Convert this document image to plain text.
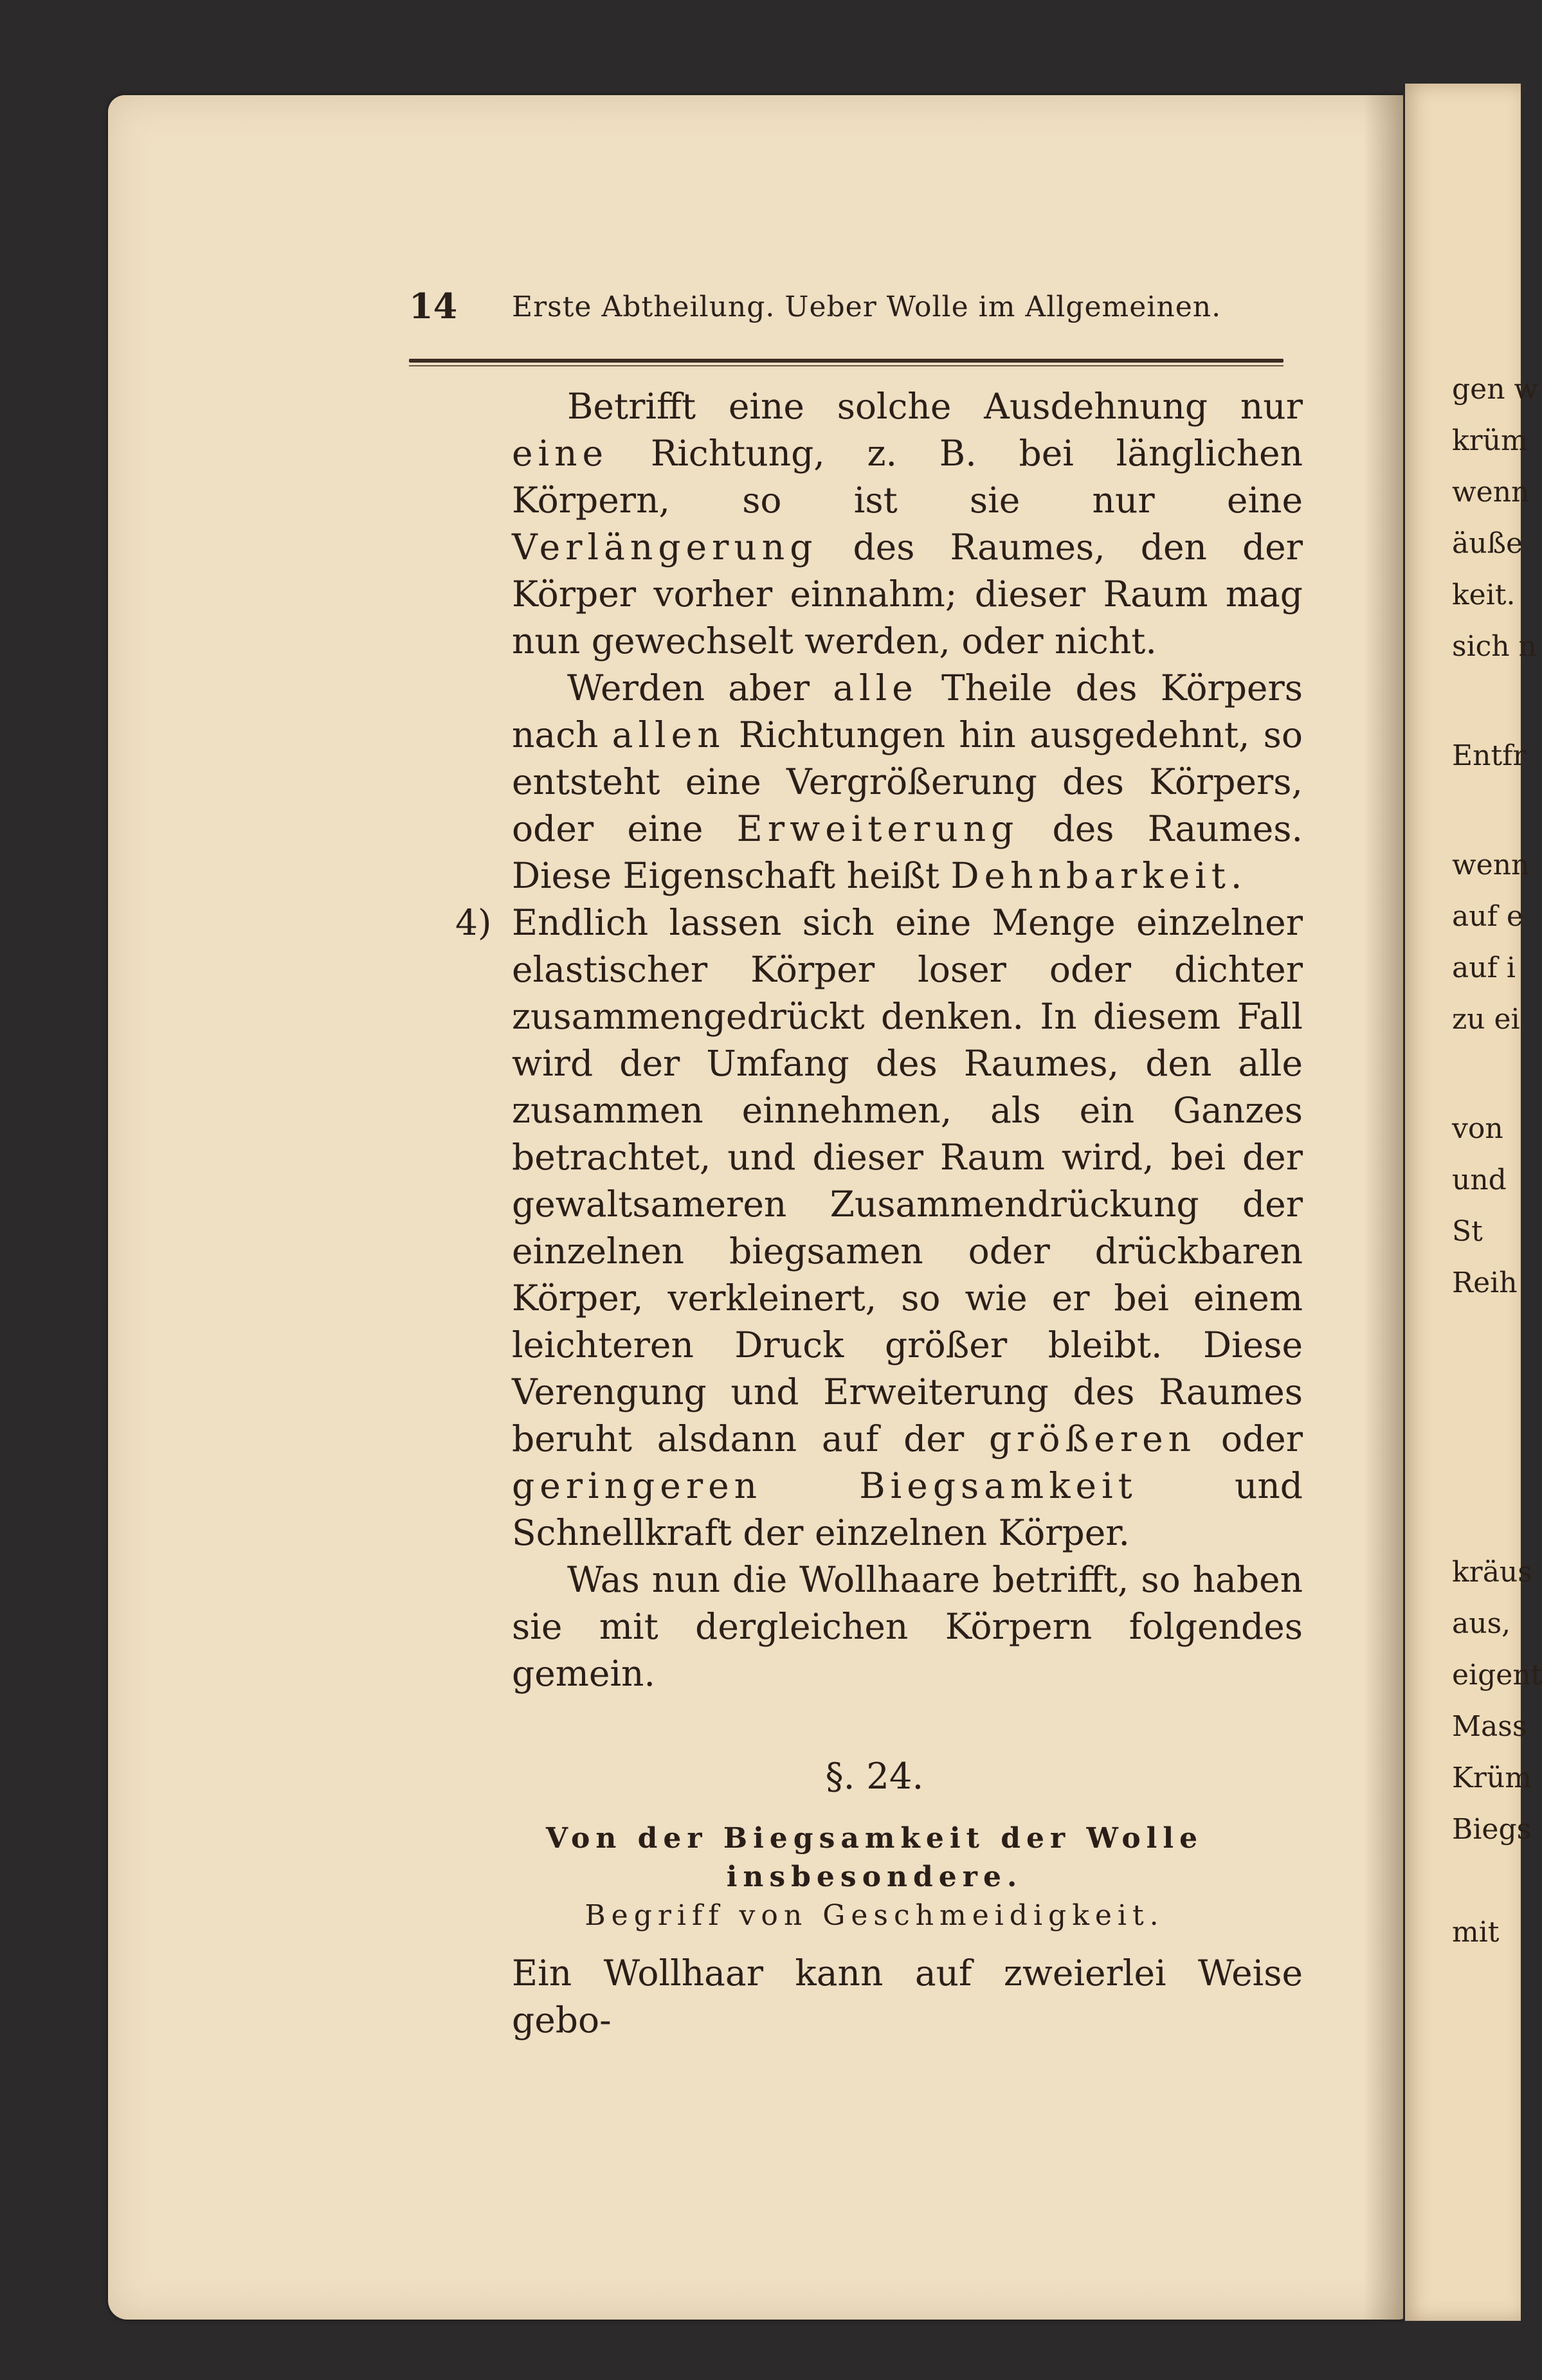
14 Erste Abtheilung. Ueber Wolle im Allgemeinen.

Betrifft eine solche Ausdehnung nur eine Richtung, z. B. bei länglichen Körpern, so ist sie nur eine Verlängerung des Raumes, den der Körper vorher einnahm; dieser Raum mag nun gewechselt werden, oder nicht.

Werden aber alle Theile des Körpers nach allen Richtungen hin ausgedehnt, so entsteht eine Vergrößerung des Körpers, oder eine Erweiterung des Raumes. Diese Eigenschaft heißt Dehnbarkeit.

4) Endlich lassen sich eine Menge einzelner elastischer Körper loser oder dichter zusammengedrückt denken. In diesem Fall wird der Umfang des Raumes, den alle zusammen einnehmen, als ein Ganzes betrachtet, und dieser Raum wird, bei der gewaltsameren Zusammendrückung der einzelnen biegsamen oder drückbaren Körper, verkleinert, so wie er bei einem leichteren Druck größer bleibt. Diese Verengung und Erweiterung des Raumes beruht alsdann auf der größeren oder geringeren	Biegsamkeit und Schnellkraft der einzelnen Körper.

Was nun die Wollhaare betrifft, so haben sie mit dergleichen Körpern folgendes gemein.

§. 24.

Von der Biegsamkeit der Wolle insbesondere.

Begriff von Geschmeidigkeit.

Ein Wollhaar kann auf zweierlei Weise gebo-

gen w
krüm
wenn
äuße
keit.
sich n
Entfr
wenn
auf e
auf i
zu ei
von
und
St
Reih
kräus
aus,
eigent
Mass
Krüm
Biegs
mit
